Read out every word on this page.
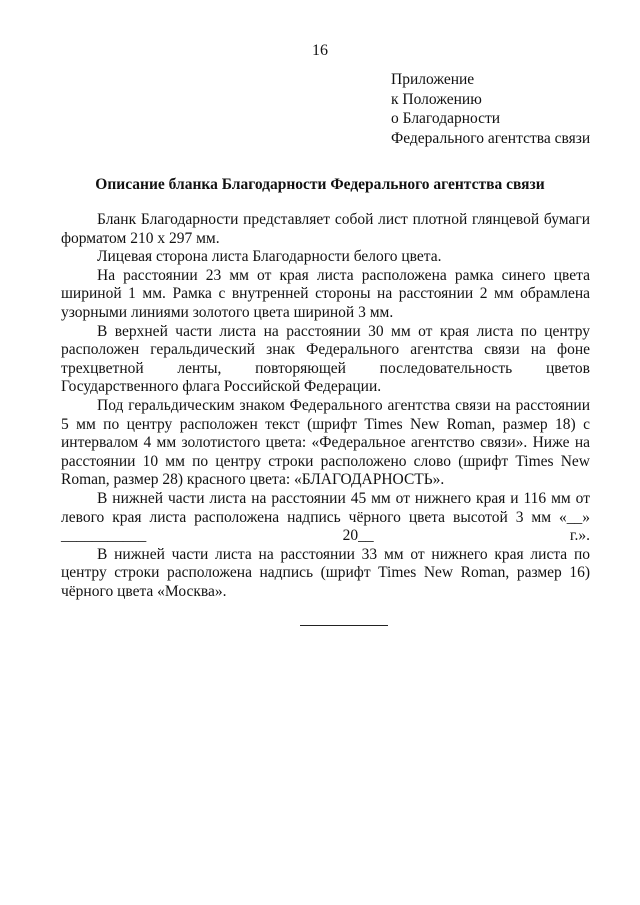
16
Приложение
к Положению
о Благодарности
Федерального агентства связи
Описание бланка Благодарности Федерального агентства связи

Бланк Благодарности представляет собой лист плотной глянцевой бумаги форматом 210 х 297 мм.

Лицевая сторона листа Благодарности белого цвета.

На расстоянии 23 мм от края листа расположена рамка синего цвета шириной 1 мм. Рамка с внутренней стороны на расстоянии 2 мм обрамлена узорными линиями золотого цвета шириной 3 мм.

В верхней части листа на расстоянии 30 мм от края листа по центру расположен геральдический знак Федерального агентства связи на фоне трехцветной ленты, повторяющей последовательность цветов Государственного флага Российской Федерации.

Под геральдическим знаком Федерального агентства связи на расстоянии 5 мм по центру расположен текст (шрифт Times New Roman, размер 18) с интервалом 4 мм золотистого цвета: «Федеральное агентство связи». Ниже на расстоянии 10 мм по центру строки расположено слово (шрифт Times New Roman, размер 28) красного цвета: «БЛАГОДАРНОСТЬ».

В нижней части листа на расстоянии 45 мм от нижнего края и 116 мм от левого края листа расположена надпись чёрного цвета высотой 3 мм «__» ___________ 20__ г.».

В нижней части листа на расстоянии 33 мм от нижнего края листа по центру строки расположена надпись (шрифт Times New Roman, размер 16) чёрного цвета «Москва».
